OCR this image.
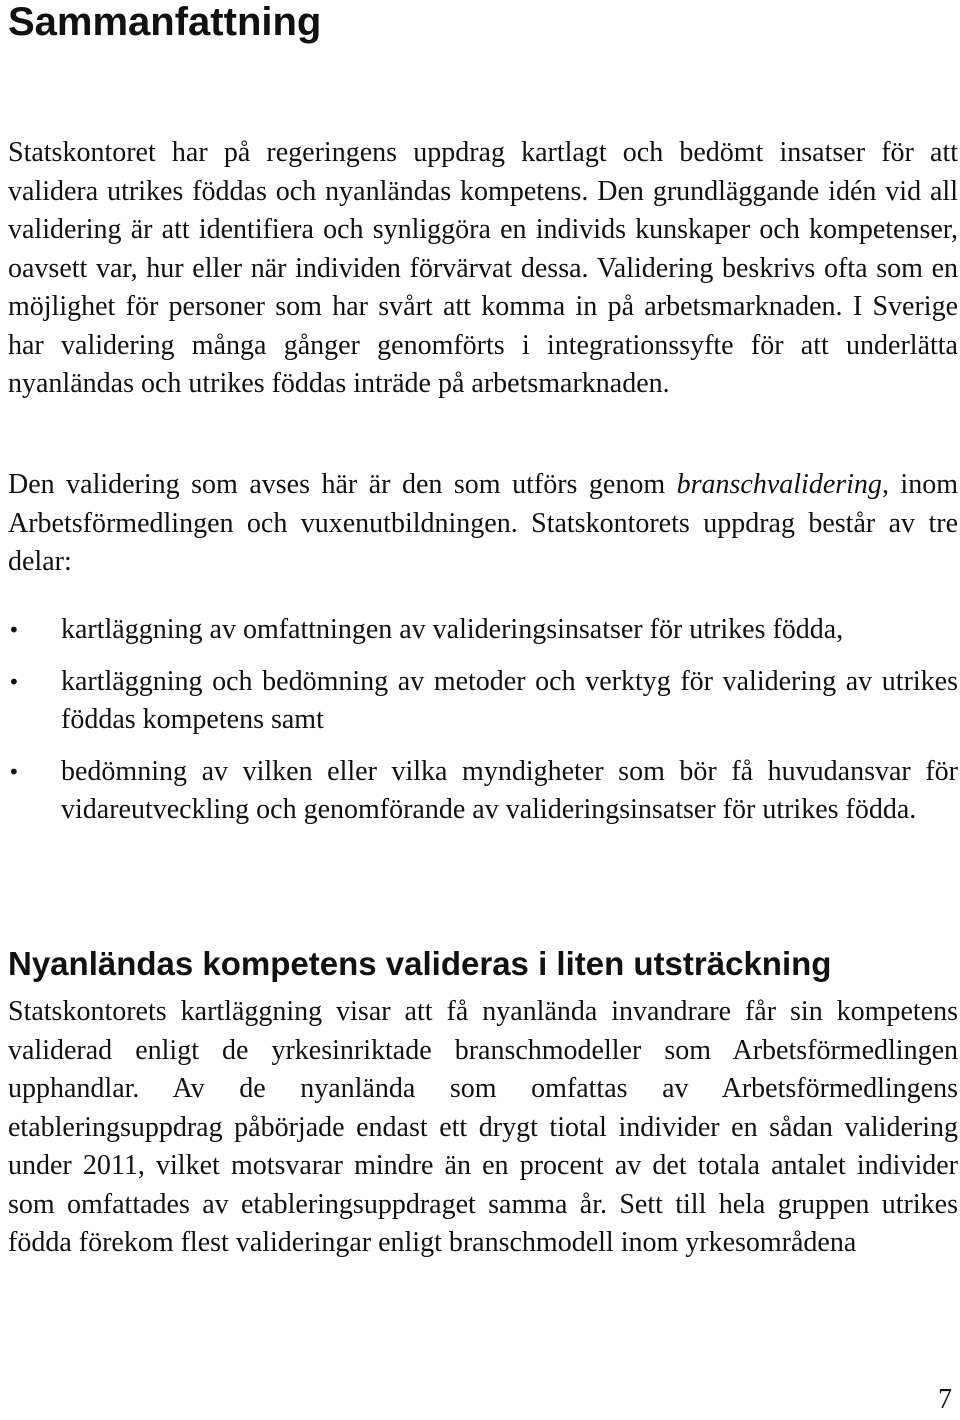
Sammanfattning

Statskontoret har på regeringens uppdrag kartlagt och bedömt insatser för att validera utrikes föddas och nyanländas kompetens. Den grundläggande idén vid all validering är att identifiera och synliggöra en individs kunskaper och kompetenser, oavsett var, hur eller när individen förvärvat dessa. Validering beskrivs ofta som en möjlighet för personer som har svårt att komma in på arbetsmarknaden. I Sverige har validering många gånger genomförts i integrationssyfte för att underlätta nyanländas och utrikes föddas inträde på arbetsmarknaden.

Den validering som avses här är den som utförs genom branschvalidering, inom Arbetsförmedlingen och vuxenutbildningen. Statskontorets uppdrag består av tre delar:

•	kartläggning av omfattningen av valideringsinsatser för utrikes födda,
•	kartläggning och bedömning av metoder och verktyg för validering av utrikes föddas kompetens samt
•	bedömning av vilken eller vilka myndigheter som bör få huvudansvar för vidareutveckling och genomförande av valideringsinsatser för utrikes födda.
Nyanländas kompetens valideras i liten utsträckning

Statskontorets kartläggning visar att få nyanlända invandrare får sin kompetens validerad enligt de yrkesinriktade branschmodeller som Arbetsförmedlingen upphandlar. Av de nyanlända som omfattas av Arbetsförmedlingens etableringsuppdrag påbörjade endast ett drygt tiotal individer en sådan validering under 2011, vilket motsvarar mindre än en procent av det totala antalet individer som omfattades av etableringsuppdraget samma år. Sett till hela gruppen utrikes födda förekom flest valideringar enligt branschmodell inom yrkesområdena

7
